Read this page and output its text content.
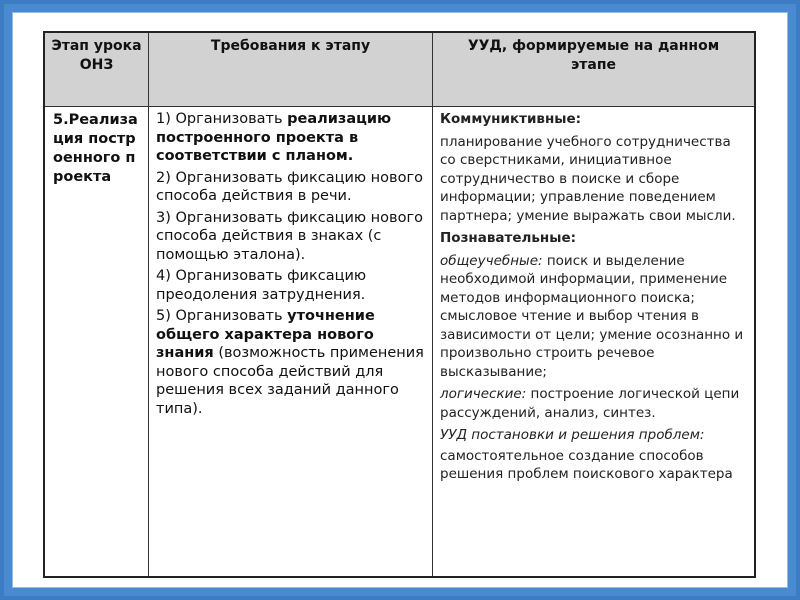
Этап урока ОНЗ
Требования к этапу	УУД, формируемые на данном этапе
5.Реализация построенного проекта
1) Организовать реализацию построенного проекта в соответствии с планом.
2) Организовать фиксацию нового способа действия в речи.
3) Организовать фиксацию нового способа действия в знаках (с помощью эталона).
4) Организовать фиксацию преодоления затруднения.
5) Организовать уточнение общего характера нового знания (возможность применения нового способа действий для решения всех заданий данного типа).
Коммуниктивные:
планирование учебного сотрудничества со сверстниками, инициативное сотрудничество в поиске и сборе информации; управление поведением партнера; умение выражать свои мысли.
Познавательные:
общеучебные: поиск и выделение необходимой информации, применение методов информационного поиска; смысловое чтение и выбор чтения в зависимости от цели; умение осознанно и произвольно строить речевое высказывание;
логические: построение логической цепи рассуждений, анализ, синтез.
УУД постановки и решения проблем:
самостоятельное создание способов решения проблем поискового характера
